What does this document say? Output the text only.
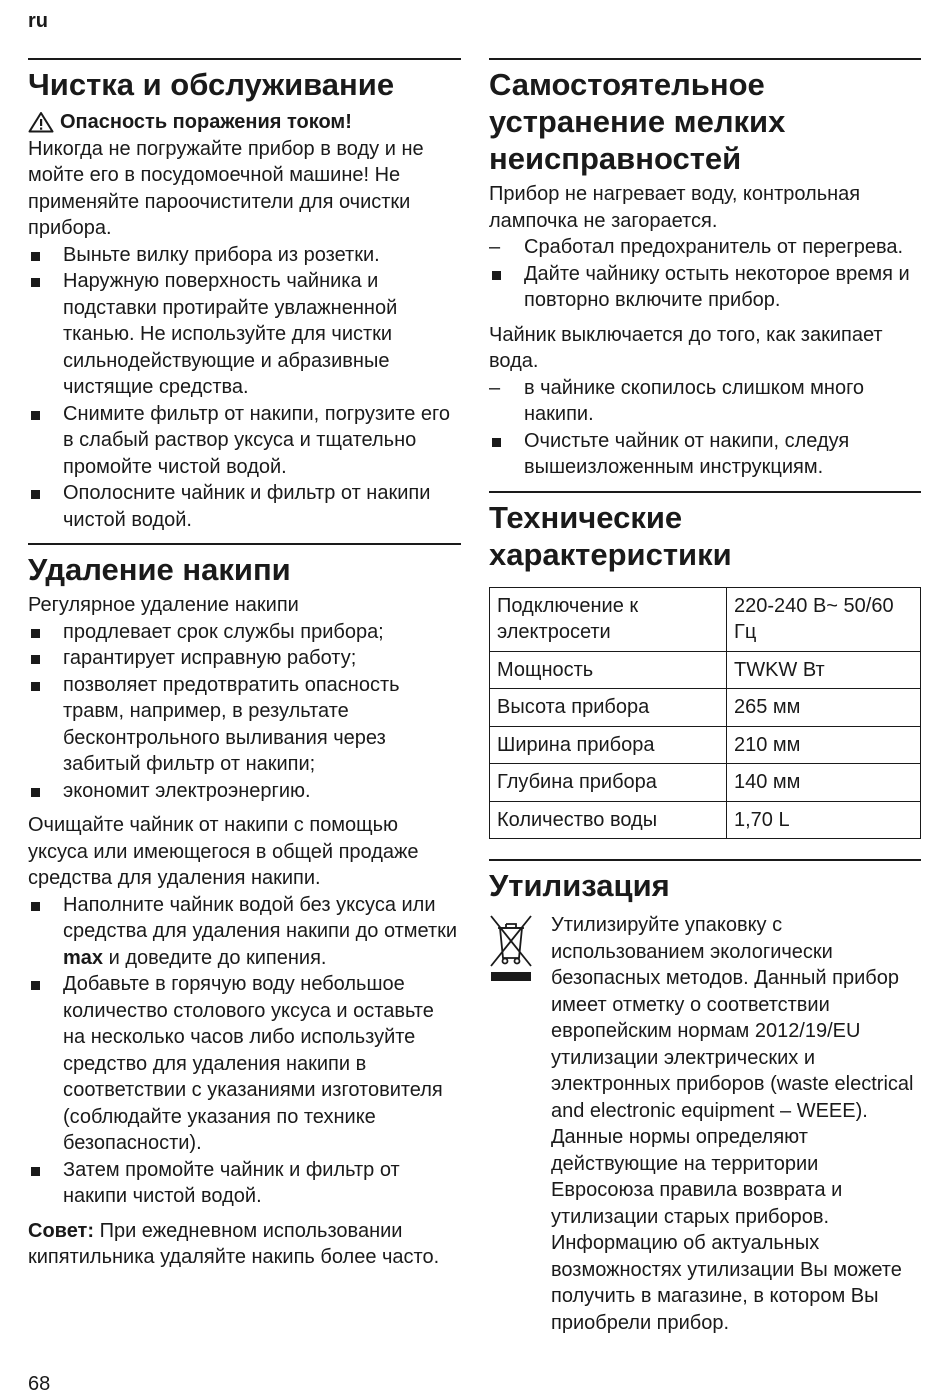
ru
Чистка и обслуживание

Опасность поражения током!

Никогда не погружайте прибор в воду и не мойте его в посудомоечной машине! Не применяйте пароочистители для очистки прибора.

Выньте вилку прибора из розетки.
Наружную поверхность чайника и подставки протирайте увлажненной тканью. Не используйте для чистки сильнодействующие и абразивные чистящие средства.
Снимите фильтр от накипи, погрузите его в слабый раствор уксуса и тщательно промойте чистой водой.
Ополосните чайник и фильтр от накипи чистой водой.
Удаление накипи

Регулярное удаление накипи

продлевает срок службы прибора;
гарантирует исправную работу;
позволяет предотвратить опасность травм, например, в результате бесконтрольного выливания через забитый фильтр от накипи;
экономит электроэнергию.

Очищайте чайник от накипи с помощью уксуса или имеющегося в общей продаже средства для удаления накипи.

Наполните чайник водой без уксуса или средства для удаления накипи до отметки max и доведите до кипения.
Добавьте в горячую воду небольшое количество столового уксуса и оставьте на несколько часов либо используйте средство для удаления накипи в соответствии с указаниями изготовителя (соблюдайте указания по технике безопасности).
Затем промойте чайник и фильтр от накипи чистой водой.

Совет: При ежедневном использовании кипятильника удаляйте накипь более часто.

Самостоятельное устранение мелких неисправностей

Прибор не нагревает воду, контрольная лампочка не загорается.

– Сработал предохранитель от перегрева.
Дайте чайнику остыть некоторое время и повторно включите прибор.

Чайник выключается до того, как закипает вода.

– в чайнике скопилось слишком много накипи.
Очистьте чайник от накипи, следуя вышеизложенным инструкциям.
Технические характеристики
Подключение к электросети	220-240 В~ 50/60 Гц
Мощность	TWKW Вт
Высота прибора	265 мм
Ширина прибора	210 мм
Глубина прибора	140 мм
Количество воды	1,70 L
Утилизация

Утилизируйте упаковку с использованием экологически безопасных методов. Данный прибор имеет отметку о соответствии европейским нормам 2012/19/EU утилизации электрических и электронных приборов (waste electrical and electronic equipment – WEEE). Данные нормы определяют действующие на территории Евросоюза правила возврата и утилизации старых приборов. Информацию об актуальных возможностях утилизации Вы можете получить в магазине, в котором Вы приобрели прибор.

68
